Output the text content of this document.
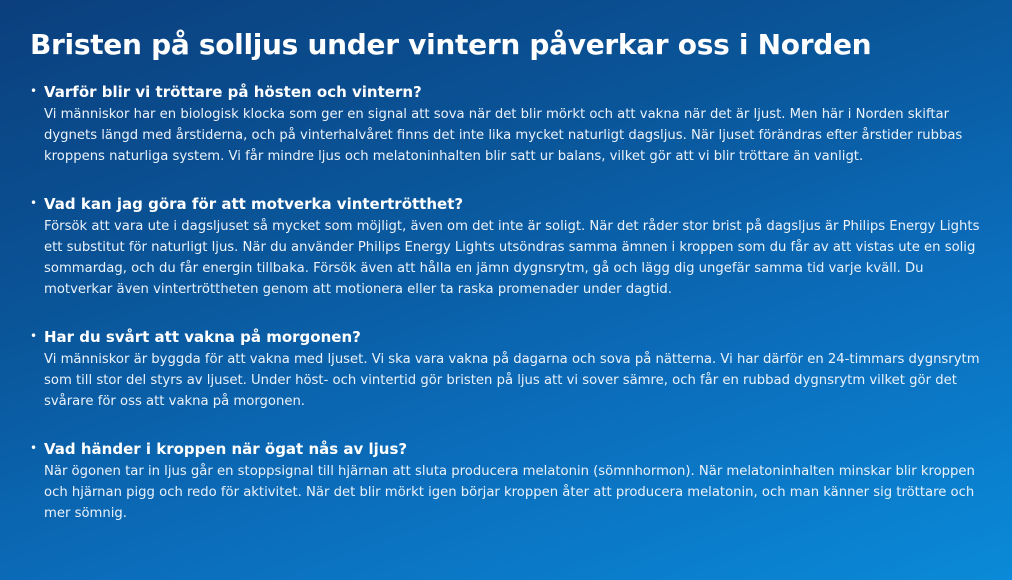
Bristen på solljus under vintern påverkar oss i Norden
• Varför blir vi tröttare på hösten och vintern?

Vi människor har en biologisk klocka som ger en signal att sova när det blir mörkt och att vakna när det är ljust. Men här i Norden skiftar dygnets längd med årstiderna, och på vinterhalvåret finns det inte lika mycket naturligt dagsljus. När ljuset förändras efter årstider rubbas kroppens naturliga system. Vi får mindre ljus och melatoninhalten blir satt ur balans, vilket gör att vi blir tröttare än vanligt.

• Vad kan jag göra för att motverka vintertrötthet?

Försök att vara ute i dagsljuset så mycket som möjligt, även om det inte är soligt. När det råder stor brist på dagsljus är Philips Energy Lights ett substitut för naturligt ljus. När du använder Philips Energy Lights utsöndras samma ämnen i kroppen som du får av att vistas ute en solig sommardag, och du får energin tillbaka. Försök även att hålla en jämn dygnsrytm, gå och lägg dig ungefär samma tid varje kväll. Du motverkar även vintertröttheten genom att motionera eller ta raska promenader under dagtid.

• Har du svårt att vakna på morgonen?

Vi människor är byggda för att vakna med ljuset. Vi ska vara vakna på dagarna och sova på nätterna. Vi har därför en 24-timmars dygnsrytm som till stor del styrs av ljuset. Under höst- och vintertid gör bristen på ljus att vi sover sämre, och får en rubbad dygnsrytm vilket gör det svårare för oss att vakna på morgonen.

• Vad händer i kroppen när ögat nås av ljus?

När ögonen tar in ljus går en stoppsignal till hjärnan att sluta producera melatonin (sömnhormon). När melatoninhalten minskar blir kroppen och hjärnan pigg och redo för aktivitet. När det blir mörkt igen börjar kroppen åter att producera melatonin, och man känner sig tröttare och mer sömnig.
